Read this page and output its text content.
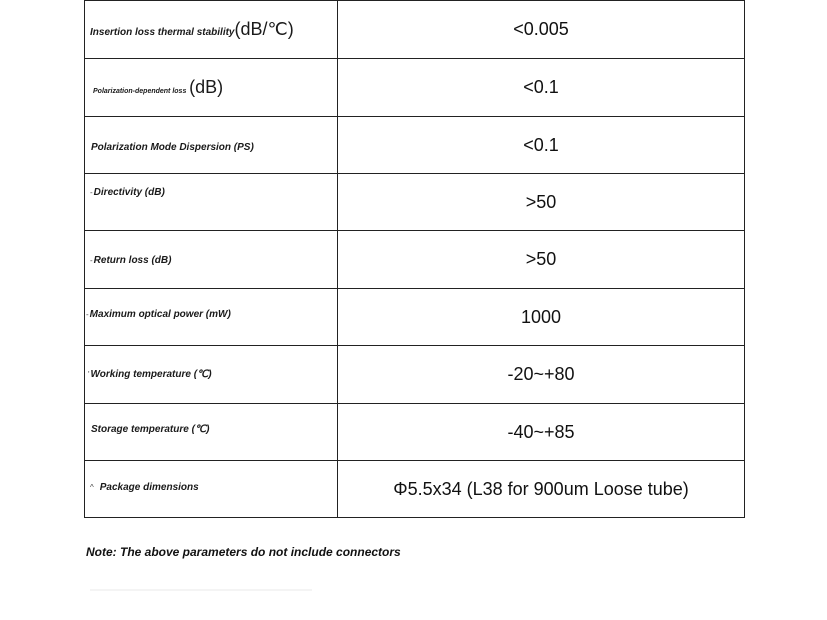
Insertion loss thermal stability(dB/℃)	<0.005
Polarization-dependent loss (dB)	<0.1
Polarization Mode Dispersion (PS)	<0.1
-Directivity (dB)	>50
-Return loss (dB)	>50
-Maximum optical power (mW)	1000
'Working temperature (℃)	-20~+80
Storage temperature (℃)	-40~+85
^ Package dimensions	Φ5.5x34 (L38 for 900um Loose tube)
Note: The above parameters do not include connectors
